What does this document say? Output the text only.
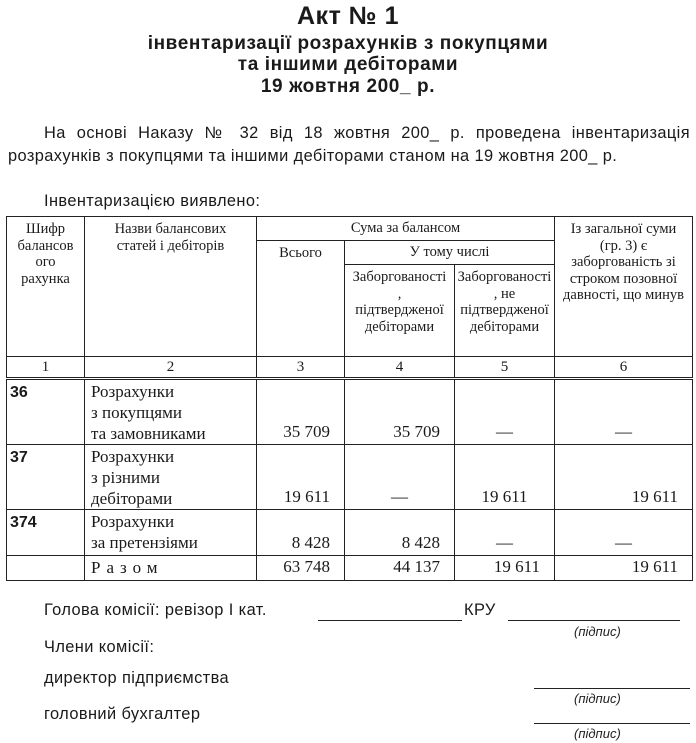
Акт № 1
інвентаризації розрахунків з покупцями
та іншими дебіторами
19 жовтня 200_ р.
На основі Наказу № 32 від 18 жовтня 200_ р. проведена інвентаризація розрахунків з покупцями та іншими дебіторами станом на 19 жовтня 200_ р.
Інвентаризацією виявлено:
Шифр балансового рахунка	Назви балансових статей і дебіторів	Сума за балансом			Із загальної суми (гр. 3) є заборгованість зі строком позовної давності, що минув

		Всього	У тому числі		

			Заборгованості, підтвердженої дебіторами	Заборгованості, не підтвердженої дебіторами	

1	2	3	4	5	6
36	Розрахунки
з покупцями
та замовниками	35 709	35 709	—	—
37	Розрахунки
з різними
дебіторами	19 611	—	19 611	19 611
374	Розрахунки
за претензіями	8 428	8 428	—	—
	Разом	63 748	44 137	19 611	19 611
Голова комісії: ревізор I кат.	КРУ
(підпис)
Члени комісії:
директор підприємства
(підпис)
головний бухгалтер
(підпис)
